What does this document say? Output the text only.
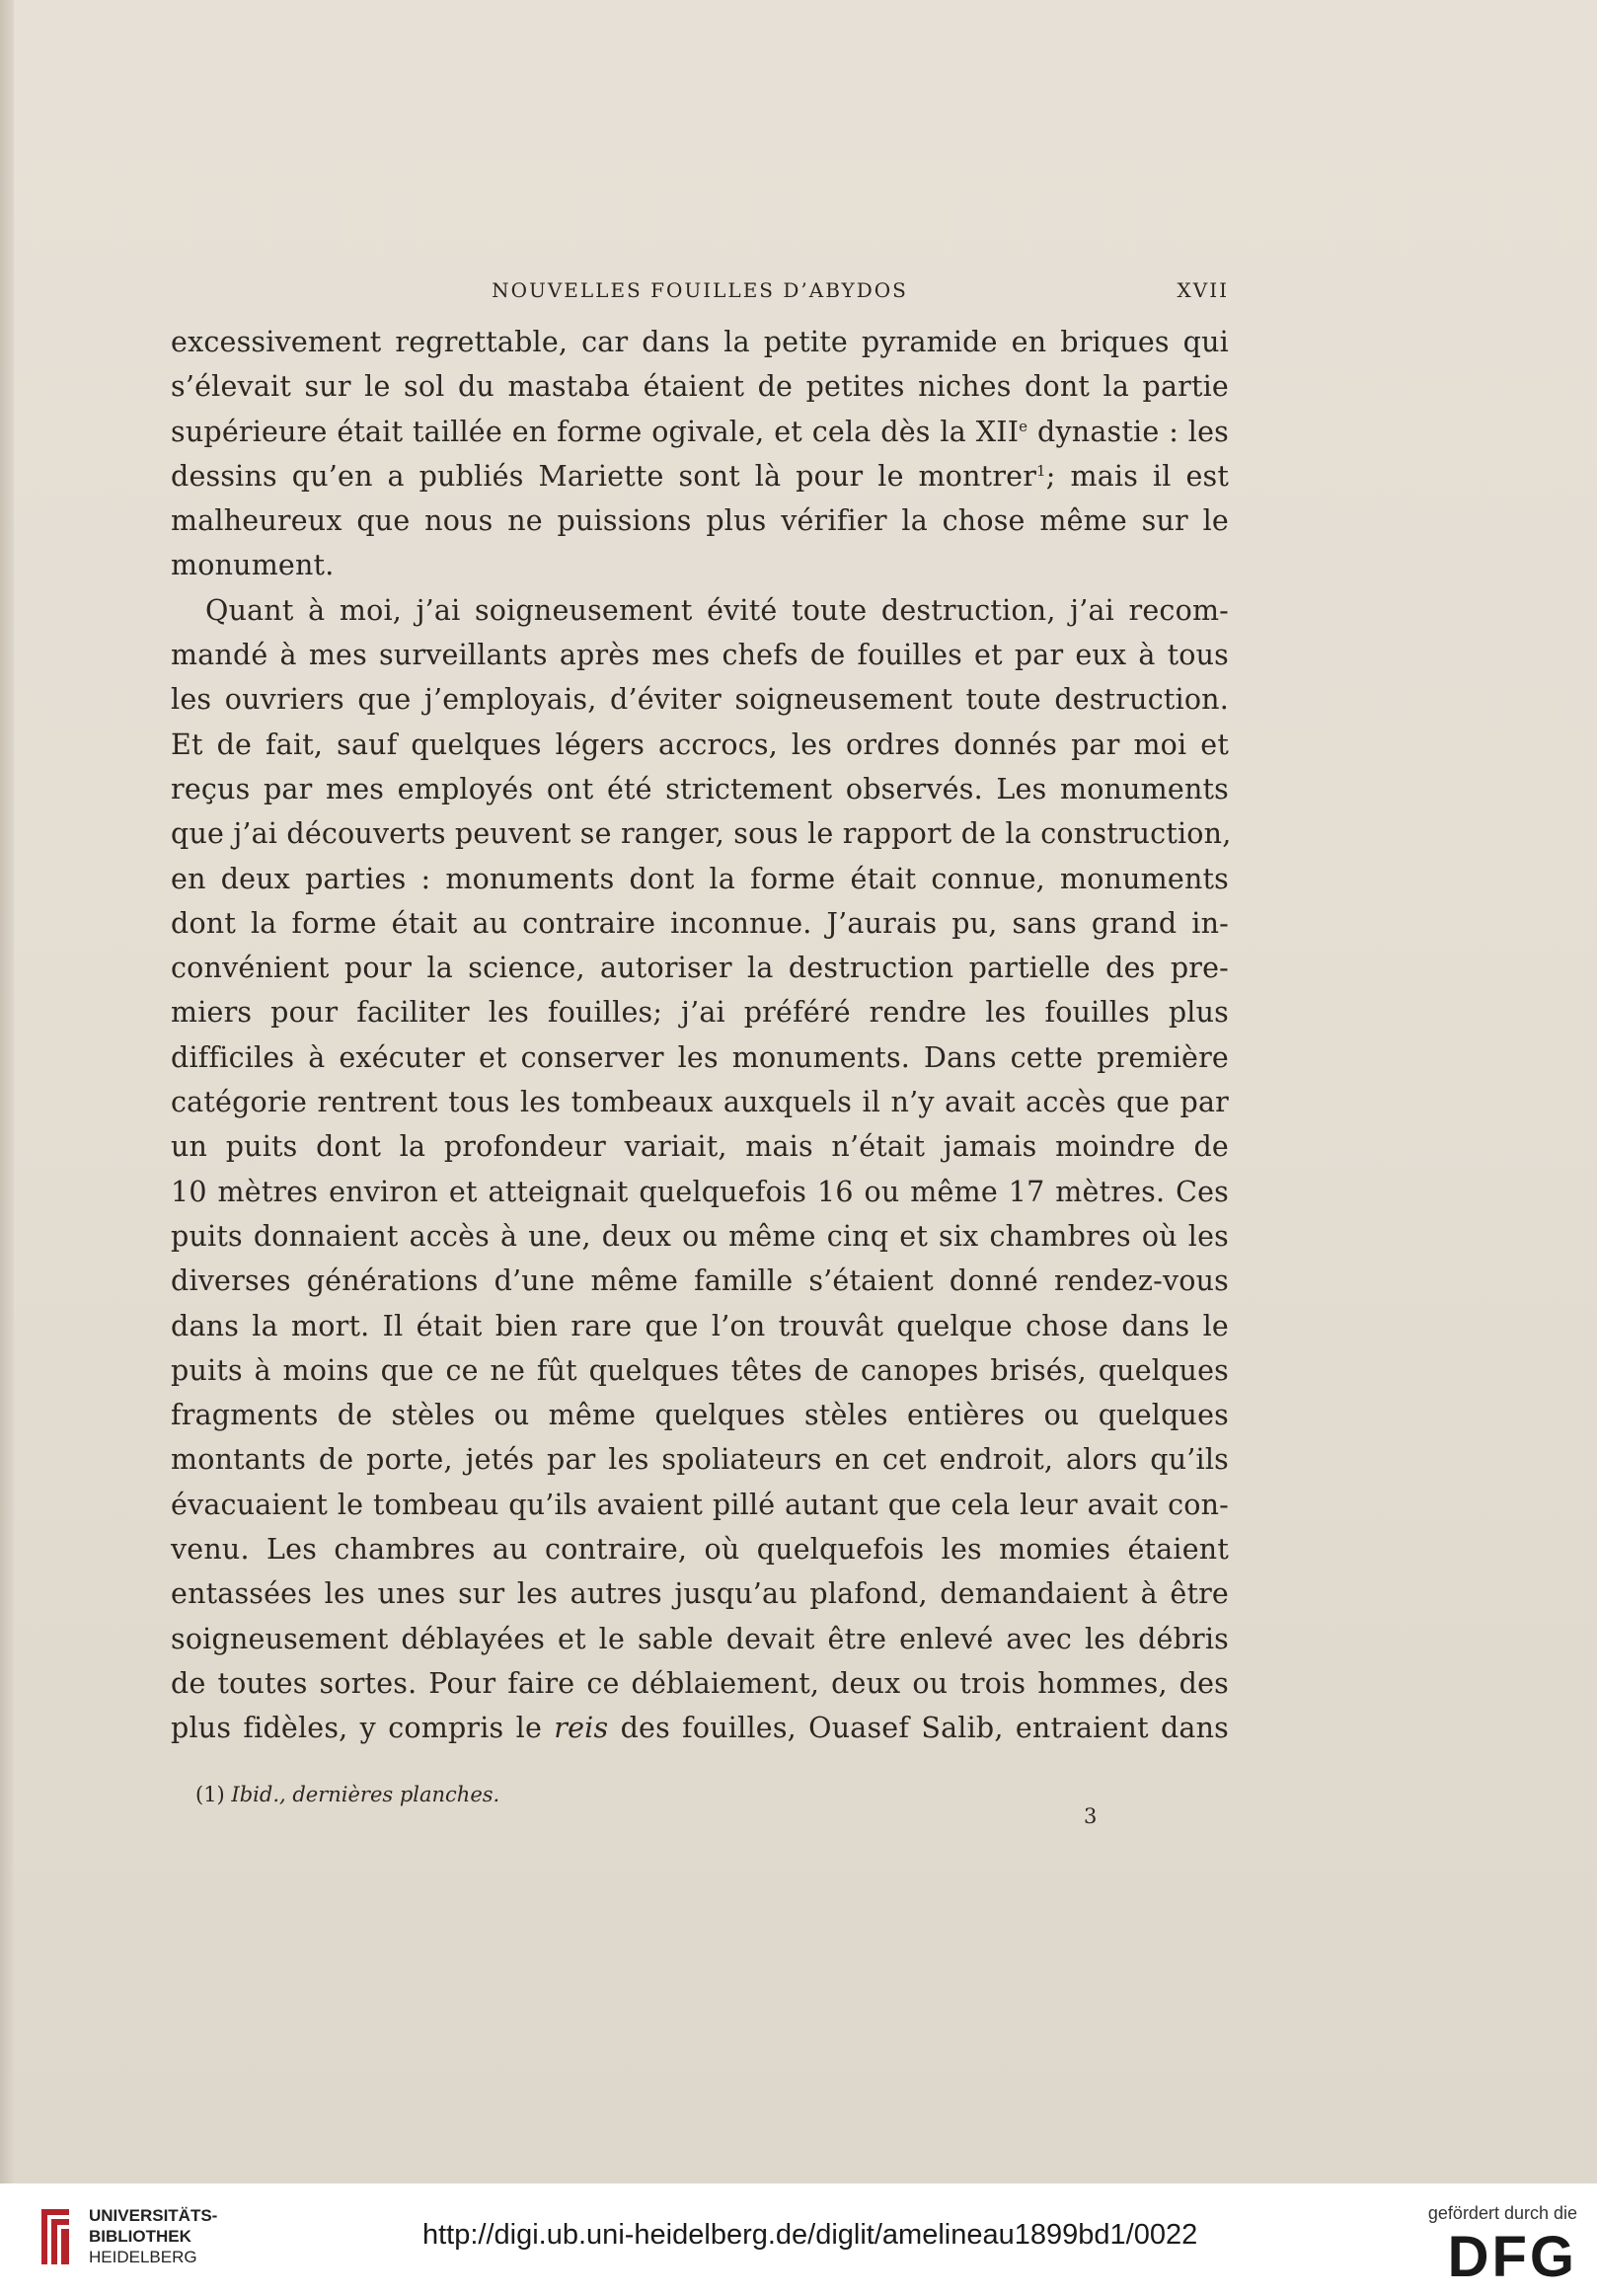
NOUVELLES FOUILLES D’ABYDOS	XVII
excessivement regrettable, car dans la petite pyramide en briques qui
s’élevait sur le sol du mastaba étaient de petites niches dont la partie
supérieure était taillée en forme ogivale, et cela dès la XIIe dynastie : les
dessins qu’en a publiés Mariette sont là pour le montrer$^1$; mais il est
malheureux que nous ne puissions plus vérifier la chose même sur le
monument.
Quant à moi, j’ai soigneusement évité toute destruction, j’ai recom-
mandé à mes surveillants après mes chefs de fouilles et par eux à tous
les ouvriers que j’employais, d’éviter soigneusement toute destruction.
Et de fait, sauf quelques légers accrocs, les ordres donnés par moi et
reçus par mes employés ont été strictement observés. Les monuments
que j’ai découverts peuvent se ranger, sous le rapport de la construction,
en deux parties : monuments dont la forme était connue, monuments
dont la forme était au contraire inconnue. J’aurais pu, sans grand in-
convénient pour la science, autoriser la destruction partielle des pre-
miers pour faciliter les fouilles; j’ai préféré rendre les fouilles plus
difficiles à exécuter et conserver les monuments. Dans cette première
catégorie rentrent tous les tombeaux auxquels il n’y avait accès que par
un puits dont la profondeur variait, mais n’était jamais moindre de
10 mètres environ et atteignait quelquefois 16 ou même 17 mètres. Ces
puits donnaient accès à une, deux ou même cinq et six chambres où les
diverses générations d’une même famille s’étaient donné rendez-vous
dans la mort. Il était bien rare que l’on trouvât quelque chose dans le
puits à moins que ce ne fût quelques têtes de canopes brisés, quelques
fragments de stèles ou même quelques stèles entières ou quelques
montants de porte, jetés par les spoliateurs en cet endroit, alors qu’ils
évacuaient le tombeau qu’ils avaient pillé autant que cela leur avait con-
venu. Les chambres au contraire, où quelquefois les momies étaient
entassées les unes sur les autres jusqu’au plafond, demandaient à être
soigneusement déblayées et le sable devait être enlevé avec les débris
de toutes sortes. Pour faire ce déblaiement, deux ou trois hommes, des
plus fidèles, y compris le reis des fouilles, Ouasef Salib, entraient dans
(1) Ibid., dernières planches.
3
UNIVERSITÄTS-
BIBLIOTHEK
HEIDELBERG
http://digi.ub.uni-heidelberg.de/diglit/amelineau1899bd1/0022
gefördert durch die
DFG
